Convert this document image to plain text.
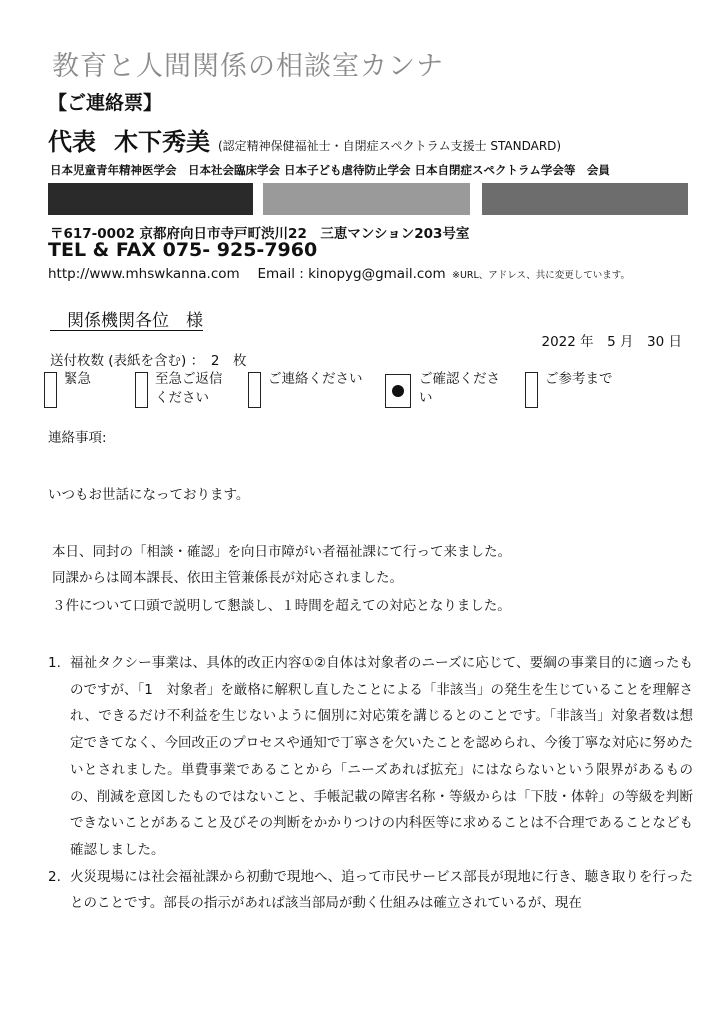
教育と人間関係の相談室カンナ
【ご連絡票】
代表 木下秀美 (認定精神保健福祉士・自閉症スペクトラム支援士 STANDARD)
日本児童青年精神医学会　日本社会臨床学会 日本子ども虐待防止学会 日本自閉症スペクトラム学会等　会員
〒617-0002 京都府向日市寺戸町渋川22　三恵マンション203号室
TEL & FAX 075- 925-7960
http://www.mhswkanna.com　 Email : kinopyg@gmail.com ※URL、アドレス、共に変更しています。
　関係機関各位　様
2022 年　5 月　30 日
送付枚数 (表紙を含む) ：　2　枚
緊急	至急ご返信
ください
ご連絡ください	ご確認くださ
い
ご参考まで
連絡事項:
いつもお世話になっております。
本日、同封の「相談・確認」を向日市障がい者福祉課にて行って来ました。
同課からは岡本課長、依田主管兼係長が対応されました。
３件について口頭で説明して懇談し、１時間を超えての対応となりました。

1. 福祉タクシー事業は、具体的改正内容①②自体は対象者のニーズに応じて、要綱の事業目的に適ったものですが、「1　対象者」を厳格に解釈し直したことによる「非該当」の発生を生じていることを理解され、できるだけ不利益を生じないように個別に対応策を講じるとのことです。「非該当」対象者数は想定できてなく、今回改正のプロセスや通知で丁寧さを欠いたことを認められ、今後丁寧な対応に努めたいとされました。単費事業であることから「ニーズあれば拡充」にはならないという限界があるものの、削減を意図したものではないこと、手帳記載の障害名称・等級からは「下肢・体幹」の等級を判断できないことがあること及びその判断をかかりつけの内科医等に求めることは不合理であることなども確認しました。

2. 火災現場には社会福祉課から初動で現地へ、追って市民サービス部長が現地に行き、聴き取りを行ったとのことです。部長の指示があれば該当部局が動く仕組みは確立されているが、現在
